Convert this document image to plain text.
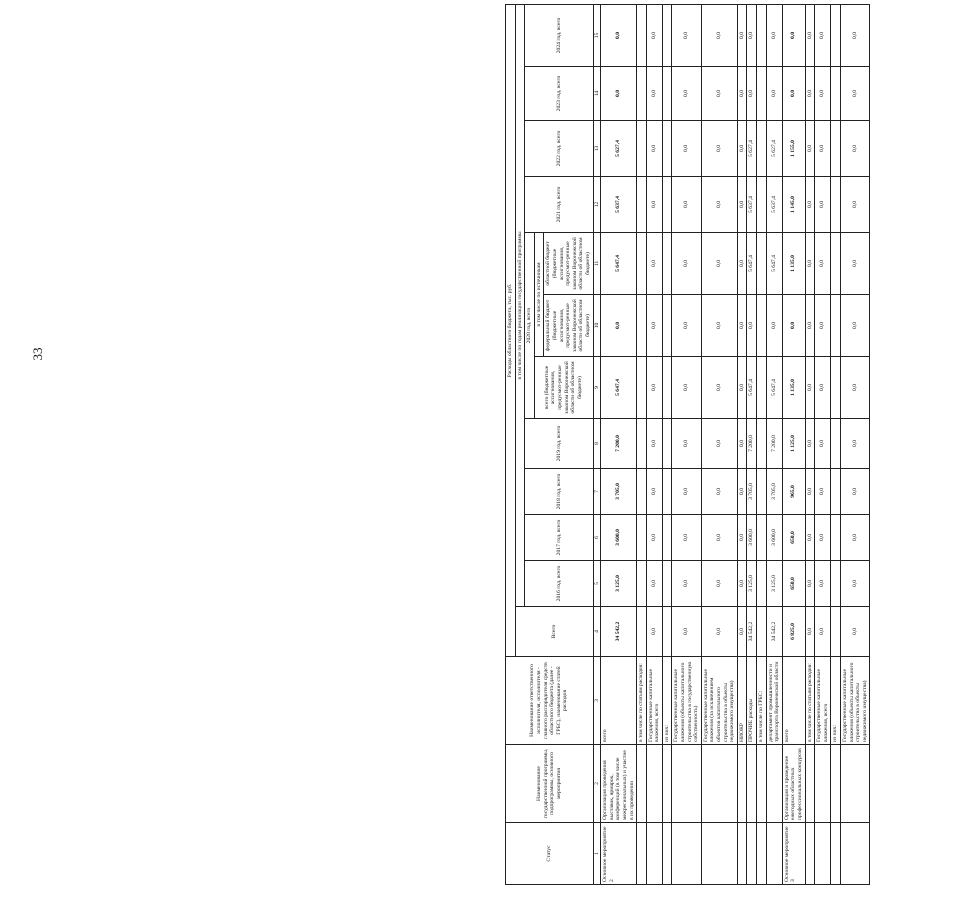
33
Статус	Наименование государственной программы, подпрограммы, основного мероприятия	Наименование ответственного исполнителя, исполнителя - главного распорядителя средств областного бюджета (далее - ГРБС), наименование статей расходов	Расходы областного бюджета, тыс. руб.											
			Всего	в том числе по годам реализации государственной программы										
				2016 год, всего	2017 год, всего	2018 год, всего	2019 год, всего	2020 год, всего			2021 год, всего	2022 год, всего	2023 год, всего	2024 год, всего
								всего (бюджетные ассигнования, предусмот-ренные законом Воронежской области об областном бюджете)	в том числе по источникам					
									федеральный бюджет (бюджетные ассигнования, предусмот-ренные законом Воронежской области об областном бюджете)	областной бюджет (бюджетные ассигнования, предусмот-ренные законом Воронежской области об областном бюджете)				
1	2	3	4	5	6	7	8	9	10	11	12	13	14	15
Основное мероприятие 2	Организация проведения выставок, ярмарок, конференций (в том числе межрегиональных) и участие в их проведении	всего	34 542,2	3 125,0	3 600,0	3 705,0	7 200,0	5 647,4	0,0	5 647,4	5 637,4	5 627,4	0,0	0,0
		в том числе по статьям расходов:												
		Государственные капитальные вложения, всего	0,0	0,0	0,0	0,0	0,0	0,0	0,0	0,0	0,0	0,0	0,0	0,0
		из них:												
		Государственные капитальные вложения (объекты капитального строительства в государственную собственность)	0,0	0,0	0,0	0,0	0,0	0,0	0,0	0,0	0,0	0,0	0,0	0,0
		Государственные капитальные вложения (за исключением объектов капитального строительства в объекты недвижимого имущества)	0,0	0,0	0,0	0,0	0,0	0,0	0,0	0,0	0,0	0,0	0,0	0,0
		НИОКР	0,0	0,0	0,0	0,0	0,0	0,0	0,0	0,0	0,0	0,0	0,0	0,0
		ПРОЧИЕ расходы	34 542,2	3 125,0	3 600,0	3 705,0	7 200,0	5 647,4	0,0	5 647,4	5 637,4	5 627,4	0,0	0,0
		в том числе по ГРБС:												
		департамент промышленности и транспорта Воронежской области	34 542,2	3 125,0	3 600,0	3 705,0	7 200,0	5 647,4	0,0	5 647,4	5 637,4	5 627,4	0,0	0,0
Основное мероприятие 3	Организация и проведение ежегодных областных профессиональных конкурсов	всего	6 825,0	650,0	650,0	965,0	1 125,0	1 135,0	0,0	1 135,0	1 145,0	1 155,0	0,0	0,0
		в том числе по статьям расходов:	0,0	0,0	0,0	0,0	0,0	0,0	0,0	0,0	0,0	0,0	0,0	0,0
		Государственные капитальные вложения, всего	0,0	0,0	0,0	0,0	0,0	0,0	0,0	0,0	0,0	0,0	0,0	0,0
		из них:												
		Государственные капитальные вложения (объекты капитального строительства в объекты недвижимого имущества)	0,0	0,0	0,0	0,0	0,0	0,0	0,0	0,0	0,0	0,0	0,0	0,0
